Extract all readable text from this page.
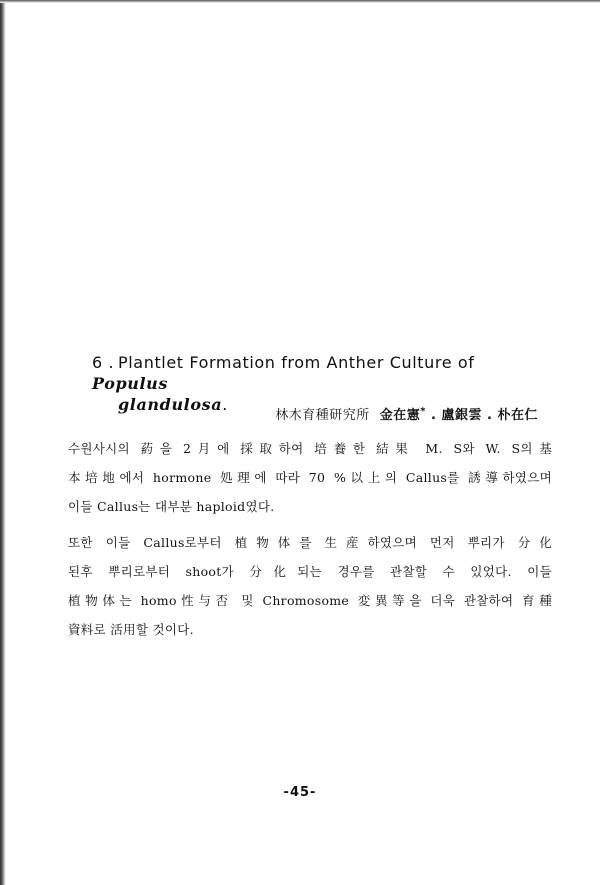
6 . Plantlet Formation from Anther Culture of Populus
glandulosa.
林木育種研究所 金在憲* . 盧銀雲 . 朴在仁
수원사시의 葯을 2月에 採取하여 培養한 結果 M. S와 W. S의基
本培地에서 hormone 処理에 따라 70 %以上의 Callus를 誘導하였으며
이들 Callus는 대부분 haploid였다.
또한 이들 Callus로부터 植物体를 生産하였으며 먼저 뿌리가 分化
된후 뿌리로부터 shoot가 分化되는 경우를 관찰할 수 있었다. 이들
植物体는 homo性与否 및 Chromosome 変異等을 더욱 관찰하여 育種
資料로 活用할 것이다.
-45-
